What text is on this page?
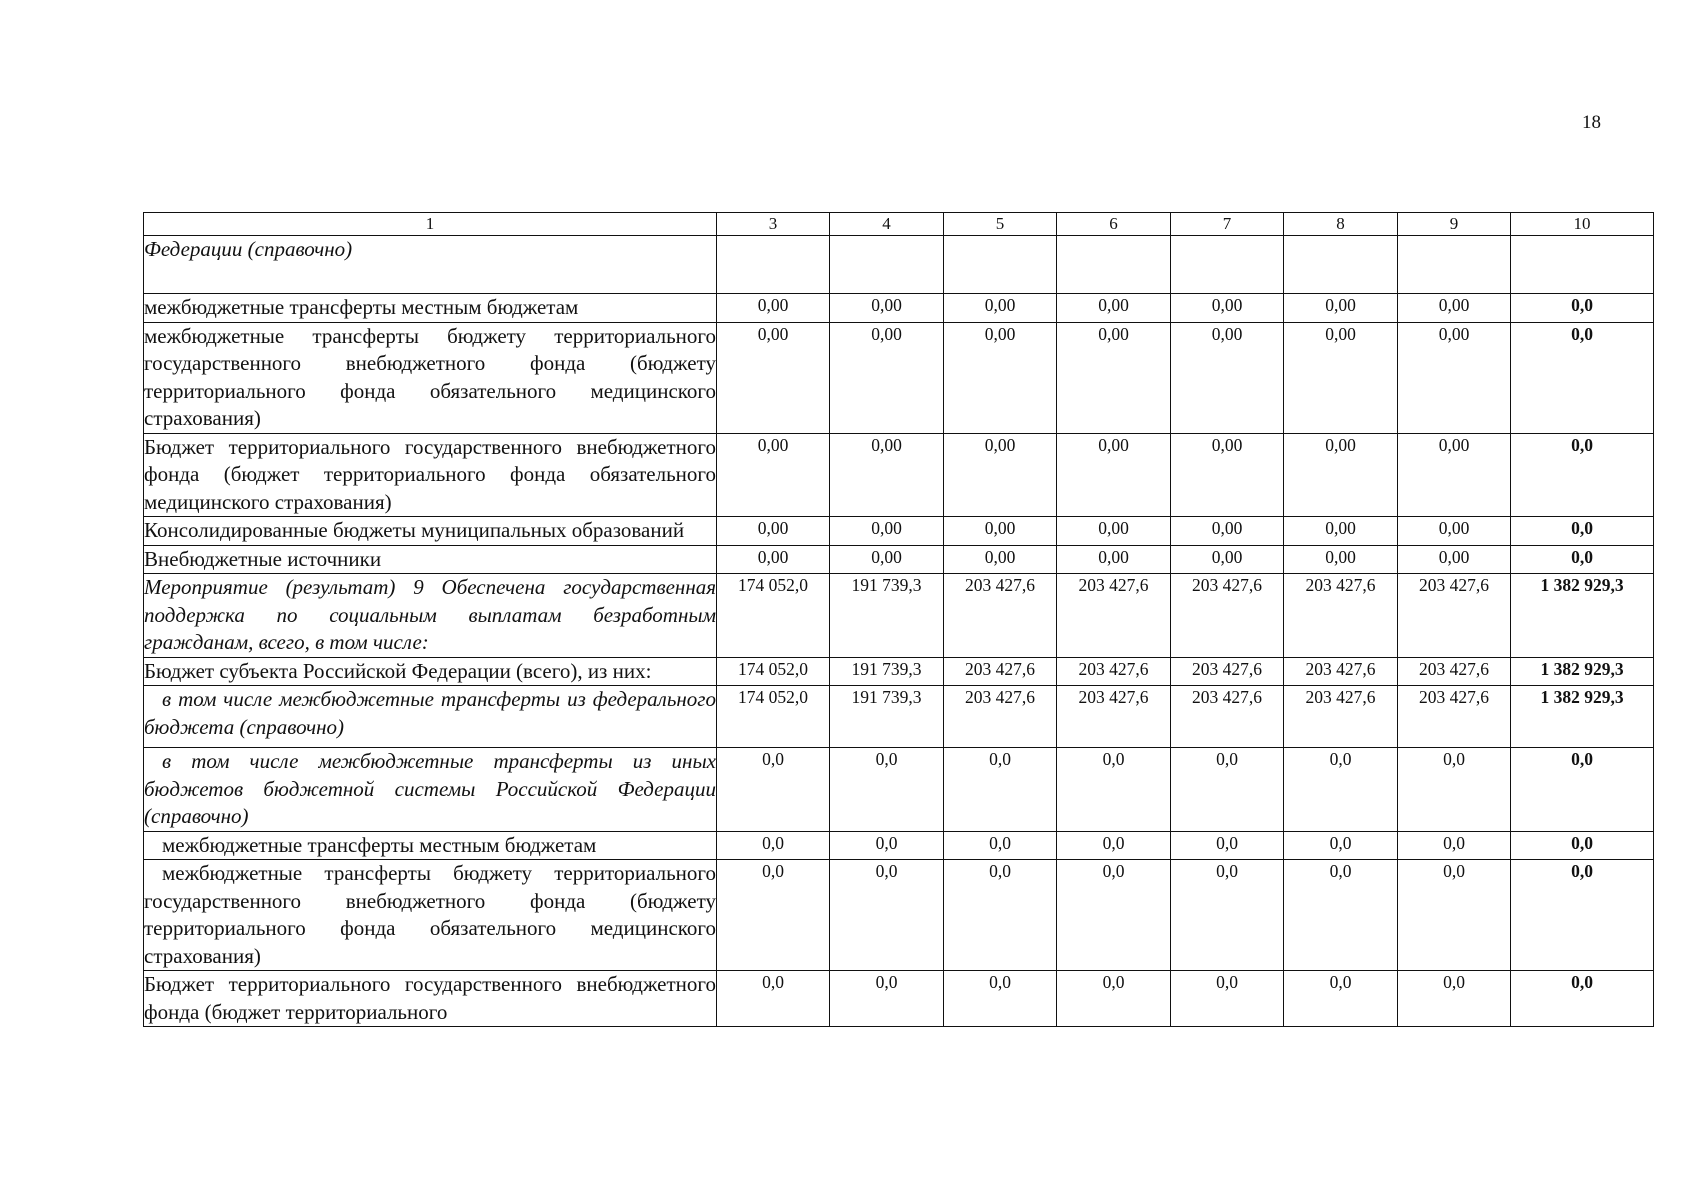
18
1	3	4	5	6	7	8	9	10
Федерации (справочно)								
межбюджетные трансферты местным бюджетам	0,00	0,00	0,00	0,00	0,00	0,00	0,00	0,0
межбюджетные трансферты бюджету территориального государственного внебюджетного фонда (бюджету территориального фонда обязательного медицинского страхования)	0,00	0,00	0,00	0,00	0,00	0,00	0,00	0,0
Бюджет территориального государственного внебюджетного фонда (бюджет территориального фонда обязательного медицинского страхования)	0,00	0,00	0,00	0,00	0,00	0,00	0,00	0,0
Консолидированные бюджеты муниципальных образований	0,00	0,00	0,00	0,00	0,00	0,00	0,00	0,0
Внебюджетные источники	0,00	0,00	0,00	0,00	0,00	0,00	0,00	0,0
Мероприятие (результат) 9 Обеспечена государственная поддержка по социальным выплатам безработным гражданам, всего, в том числе:	174 052,0	191 739,3	203 427,6	203 427,6	203 427,6	203 427,6	203 427,6	1 382 929,3
Бюджет субъекта Российской Федерации (всего), из них:	174 052,0	191 739,3	203 427,6	203 427,6	203 427,6	203 427,6	203 427,6	1 382 929,3
в том числе межбюджетные трансферты из федерального бюджета (справочно)	174 052,0	191 739,3	203 427,6	203 427,6	203 427,6	203 427,6	203 427,6	1 382 929,3
в том числе межбюджетные трансферты из иных бюджетов бюджетной системы Российской Федерации (справочно)	0,0	0,0	0,0	0,0	0,0	0,0	0,0	0,0
межбюджетные трансферты местным бюджетам	0,0	0,0	0,0	0,0	0,0	0,0	0,0	0,0
межбюджетные трансферты бюджету территориального государственного внебюджетного фонда (бюджету территориального фонда обязательного медицинского страхования)	0,0	0,0	0,0	0,0	0,0	0,0	0,0	0,0
Бюджет территориального государственного внебюджетного фонда (бюджет территориального	0,0	0,0	0,0	0,0	0,0	0,0	0,0	0,0
